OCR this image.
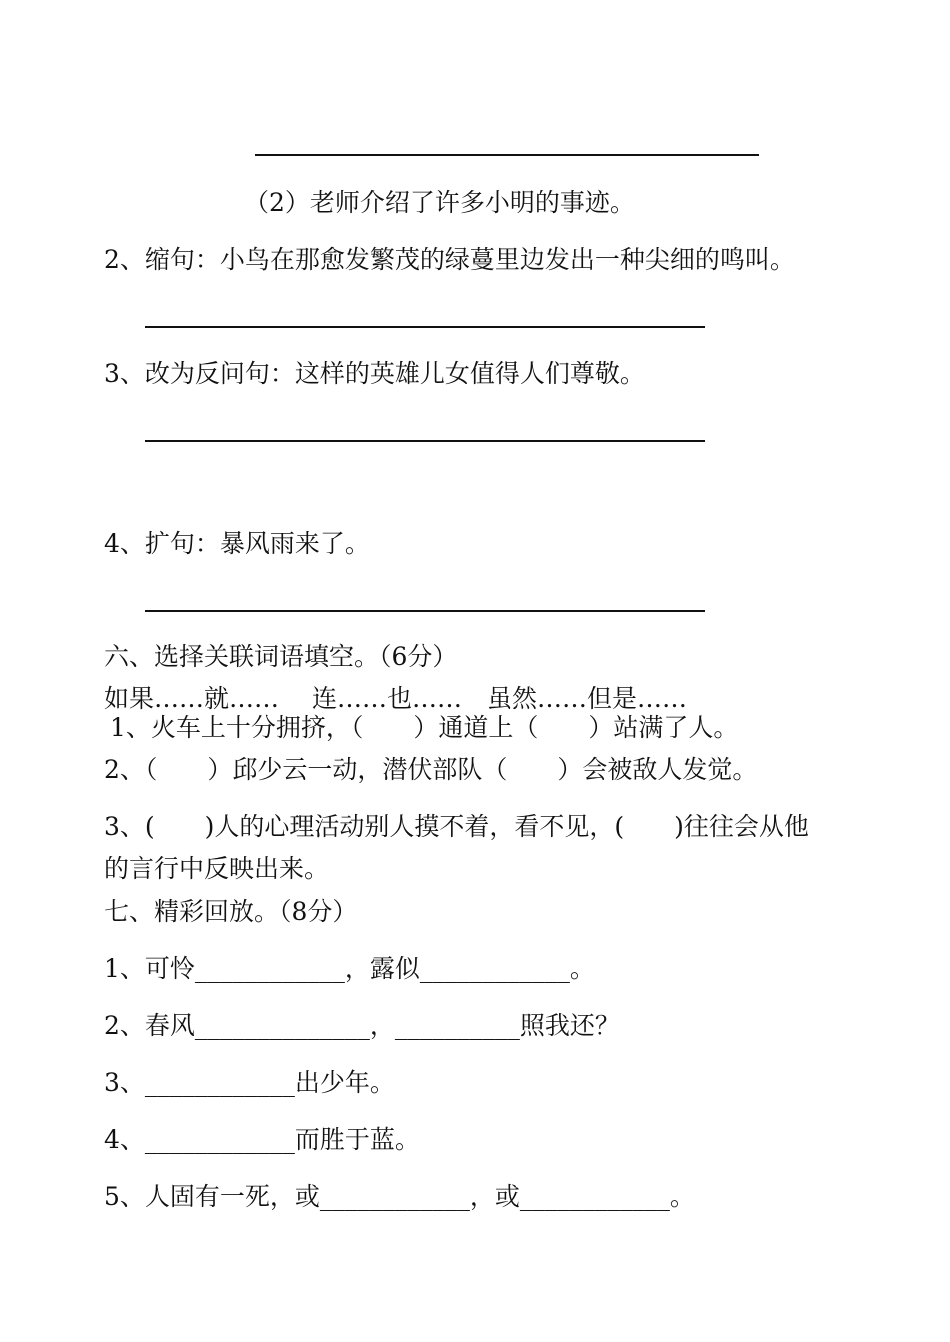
（2）老师介绍了许多小明的事迹。
2、缩句：小鸟在那愈发繁茂的绿蔓里边发出一种尖细的鸣叫。
3、改为反问句：这样的英雄儿女值得人们尊敬。
4、扩句：暴风雨来了。
六、选择关联词语填空。（6分）
如果……就……　 连……也……　虽然……但是……
1、火车上十分拥挤，（　　）通道上（　　）站满了人。
2、（　　）邱少云一动，潜伏部队（　　）会被敌人发觉。
3、(　　)人的心理活动别人摸不着，看不见，(　　)往往会从他
的言行中反映出来。
七、精彩回放。（8分）
1、可怜____________，露似____________。
2、春风______________，__________照我还？
3、____________出少年。
4、____________而胜于蓝。
5、人固有一死，或____________，或____________。
